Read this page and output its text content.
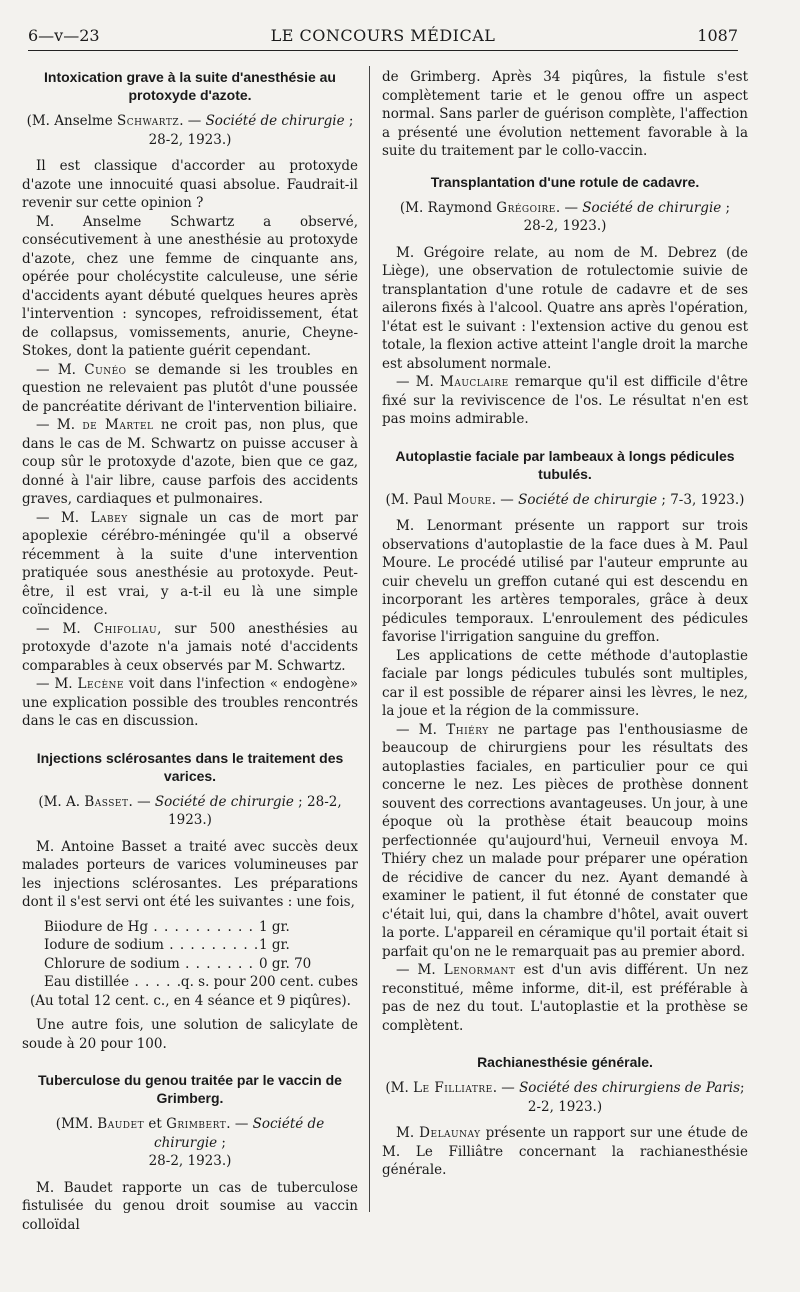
6—v—23	LE CONCOURS MÉDICAL	1087
Intoxication grave à la suite d'anesthésie au protoxyde d'azote.

(M. Anselme Schwartz. — Société de chirurgie ;
28-2, 1923.)

Il est classique d'accorder au protoxyde d'azote une innocuité quasi absolue. Faudrait-il revenir sur cette opinion ?

M. Anselme Schwartz a observé, consécutivement à une anesthésie au protoxyde d'azote, chez une femme de cinquante ans, opérée pour cholécystite calculeuse, une série d'accidents ayant débuté quelques heures après l'intervention : syncopes, refroidissement, état de collapsus, vomissements, anurie, Cheyne-Stokes, dont la patiente guérit cependant.

— M. Cunéo se demande si les troubles en question ne relevaient pas plutôt d'une poussée de pancréatite dérivant de l'intervention biliaire.

— M. de Martel ne croit pas, non plus, que dans le cas de M. Schwartz on puisse accuser à coup sûr le protoxyde d'azote, bien que ce gaz, donné à l'air libre, cause parfois des accidents graves, cardiaques et pulmonaires.

— M. Labey signale un cas de mort par apoplexie cérébro-méningée qu'il a observé récemment à la suite d'une intervention pratiquée sous anesthésie au protoxyde. Peut-être, il est vrai, y a-t-il eu là une simple coïncidence.

— M. Chifoliau, sur 500 anesthésies au protoxyde d'azote n'a jamais noté d'accidents comparables à ceux observés par M. Schwartz.

— M. Lecène voit dans l'infection « endogène» une explication possible des troubles rencontrés dans le cas en discussion.

Injections sclérosantes dans le traitement des varices.

(M. A. Basset. — Société de chirurgie ; 28-2, 1923.)

M. Antoine Basset a traité avec succès deux malades porteurs de varices volumineuses par les injections sclérosantes. Les préparations dont il s'est servi ont été les suivantes : une fois,

Biiodure de Hg . . .	1 gr.
Iodure de sodium . . .	1 gr.
Chlorure de sodium . . .	0 gr. 70
Eau distillée . . .	q. s. pour 200 cent. cubes

(Au total 12 cent. c., en 4 séance et 9 piqûres).

Une autre fois, une solution de salicylate de soude à 20 pour 100.

Tuberculose du genou traitée par le vaccin de Grimberg.

(MM. Baudet et Grimbert. — Société de chirurgie ;
28-2, 1923.)

M. Baudet rapporte un cas de tuberculose fistulisée du genou droit soumise au vaccin colloïdal

de Grimberg. Après 34 piqûres, la fistule s'est complètement tarie et le genou offre un aspect normal. Sans parler de guérison complète, l'affection a présenté une évolution nettement favorable à la suite du traitement par le collo-vaccin.

Transplantation d'une rotule de cadavre.

(M. Raymond Grégoire. — Société de chirurgie ;
28-2, 1923.)

M. Grégoire relate, au nom de M. Debrez (de Liège), une observation de rotulectomie suivie de transplantation d'une rotule de cadavre et de ses ailerons fixés à l'alcool. Quatre ans après l'opération, l'état est le suivant : l'extension active du genou est totale, la flexion active atteint l'angle droit la marche est absolument normale.

— M. Mauclaire remarque qu'il est difficile d'être fixé sur la reviviscence de l'os. Le résultat n'en est pas moins admirable.

Autoplastie faciale par lambeaux à longs pédicules tubulés.

(M. Paul Moure. — Société de chirurgie ; 7-3, 1923.)

M. Lenormant présente un rapport sur trois observations d'autoplastie de la face dues à M. Paul Moure. Le procédé utilisé par l'auteur emprunte au cuir chevelu un greffon cutané qui est descendu en incorporant les artères temporales, grâce à deux pédicules temporaux. L'enroulement des pédicules favorise l'irrigation sanguine du greffon.

Les applications de cette méthode d'autoplastie faciale par longs pédicules tubulés sont multiples, car il est possible de réparer ainsi les lèvres, le nez, la joue et la région de la commissure.

— M. Thiéry ne partage pas l'enthousiasme de beaucoup de chirurgiens pour les résultats des autoplasties faciales, en particulier pour ce qui concerne le nez. Les pièces de prothèse donnent souvent des corrections avantageuses. Un jour, à une époque où la prothèse était beaucoup moins perfectionnée qu'aujourd'hui, Verneuil envoya M. Thiéry chez un malade pour préparer une opération de récidive de cancer du nez. Ayant demandé à examiner le patient, il fut étonné de constater que c'était lui, qui, dans la chambre d'hôtel, avait ouvert la porte. L'appareil en céramique qu'il portait était si parfait qu'on ne le remarquait pas au premier abord.

— M. Lenormant est d'un avis différent. Un nez reconstitué, même informe, dit-il, est préférable à pas de nez du tout. L'autoplastie et la prothèse se complètent.

Rachianesthésie générale.

(M. Le Filliatre. — Société des chirurgiens de Paris;
2-2, 1923.)

M. Delaunay présente un rapport sur une étude de M. Le Filliâtre concernant la rachianesthésie générale.
